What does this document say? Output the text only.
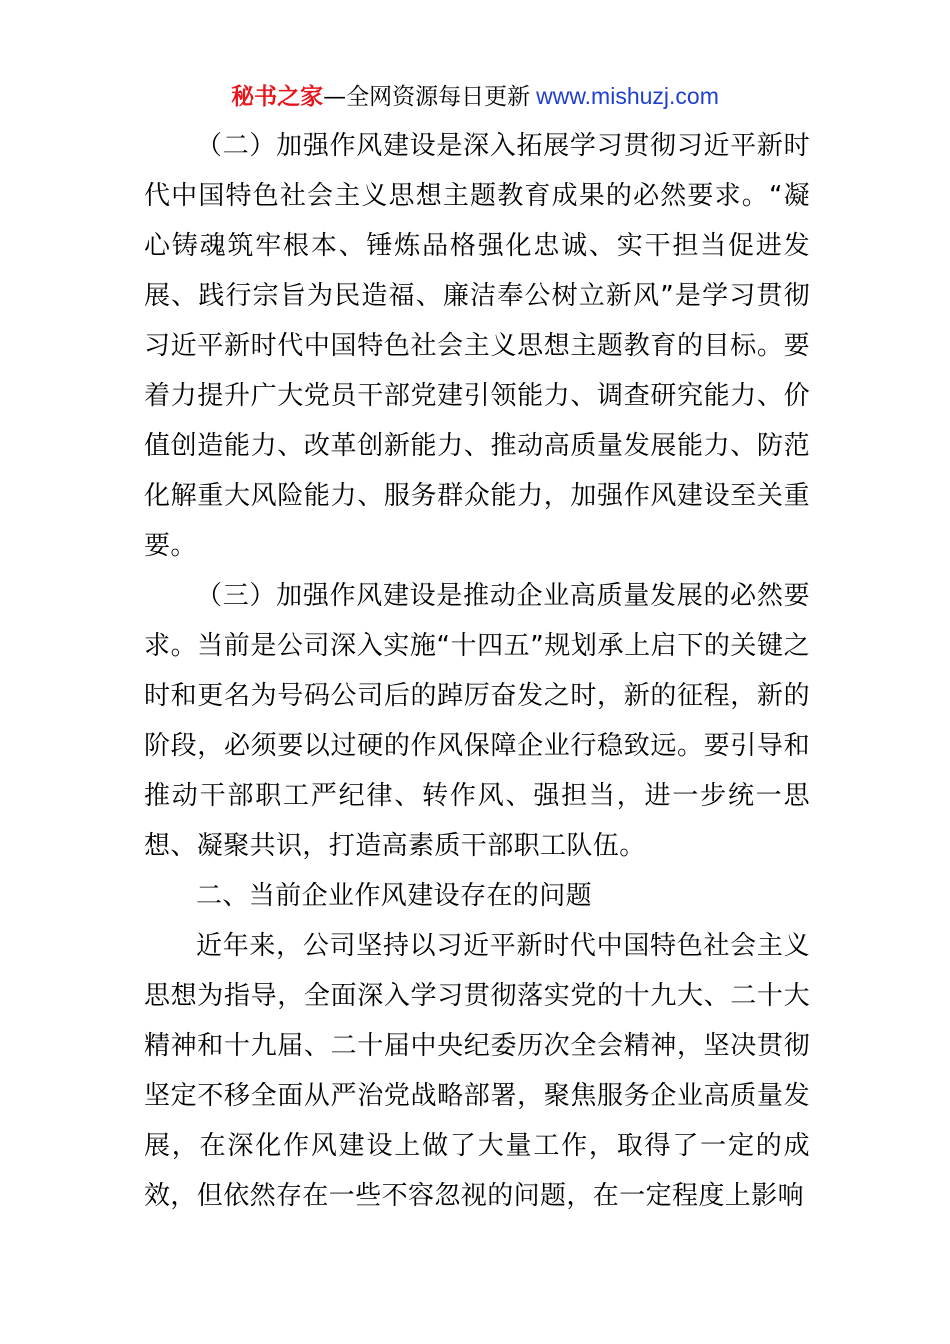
秘书之家—全网资源每日更新 www.mishuzj.com

（二）加强作风建设是深入拓展学习贯彻习近平新时代中国特色社会主义思想主题教育成果的必然要求。“凝心铸魂筑牢根本、锤炼品格强化忠诚、实干担当促进发展、践行宗旨为民造福、廉洁奉公树立新风”是学习贯彻习近平新时代中国特色社会主义思想主题教育的目标。要着力提升广大党员干部党建引领能力、调查研究能力、价值创造能力、改革创新能力、推动高质量发展能力、防范化解重大风险能力、服务群众能力，加强作风建设至关重要。

（三）加强作风建设是推动企业高质量发展的必然要求。当前是公司深入实施“十四五”规划承上启下的关键之时和更名为号码公司后的踔厉奋发之时，新的征程，新的阶段，必须要以过硬的作风保障企业行稳致远。要引导和推动干部职工严纪律、转作风、强担当，进一步统一思想、凝聚共识，打造高素质干部职工队伍。

二、当前企业作风建设存在的问题

近年来，公司坚持以习近平新时代中国特色社会主义思想为指导，全面深入学习贯彻落实党的十九大、二十大精神和十九届、二十届中央纪委历次全会精神，坚决贯彻坚定不移全面从严治党战略部署，聚焦服务企业高质量发展，在深化作风建设上做了大量工作，取得了一定的成效，但依然存在一些不容忽视的问题，在一定程度上影响
